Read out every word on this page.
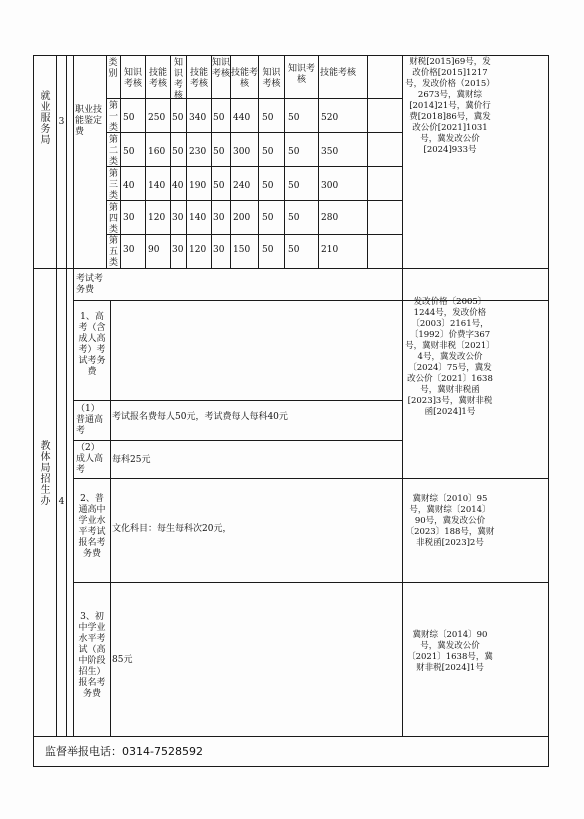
就业服务局 3
职业技能鉴定费
类别 知识考核
技能考核
知识考核
技能考核
知识考核 技能考核
知识考核
知识考核
技能考核
第一类
50 250 50 340 50 440 50 50 520
第二类
50 160 50 230 50 300 50 50 350
第三类
40 140 40 190 50 240 50 50 300
第四类
30 120 30 140 30 200 50 50 280
第五类
30 90 30 120 30 150 50 50 210
财税[2015]69号，发改价格[2015]1217号，发改价格（2015）2673号，冀财综[2014]21号，冀价行费[2018]86号，冀发改公价[2021]1031号，冀发改公价[2024]933号
教体局招生办 4
考试考务费
1、高考（含成人高考）考试考务费
发改价格〔2005〕1244号，发改价格〔2003〕2161号，〔1992〕价费字367号，冀财非税〔2021〕4号，冀发改公价〔2024〕75号，冀发改公价〔2021〕1638号，冀财非税函[2023]3号，冀财非税函[2024]1号
（1）普通高考
考试报名费每人50元，考试费每人每科40元
（2）成人高考
每科25元
2、普通高中学业水平考试报名考务费
文化科目：每生每科次20元，
冀财综〔2010〕95号，冀财综〔2014〕90号，冀发改公价〔2023〕188号，冀财非税函[2023]2号
3、初中学业水平考试（高中阶段招生）报名考务费
85元
冀财综〔2014〕90号，冀发改公价〔2021〕1638号，冀财非税[2024]1号
监督举报电话：0314-7528592
